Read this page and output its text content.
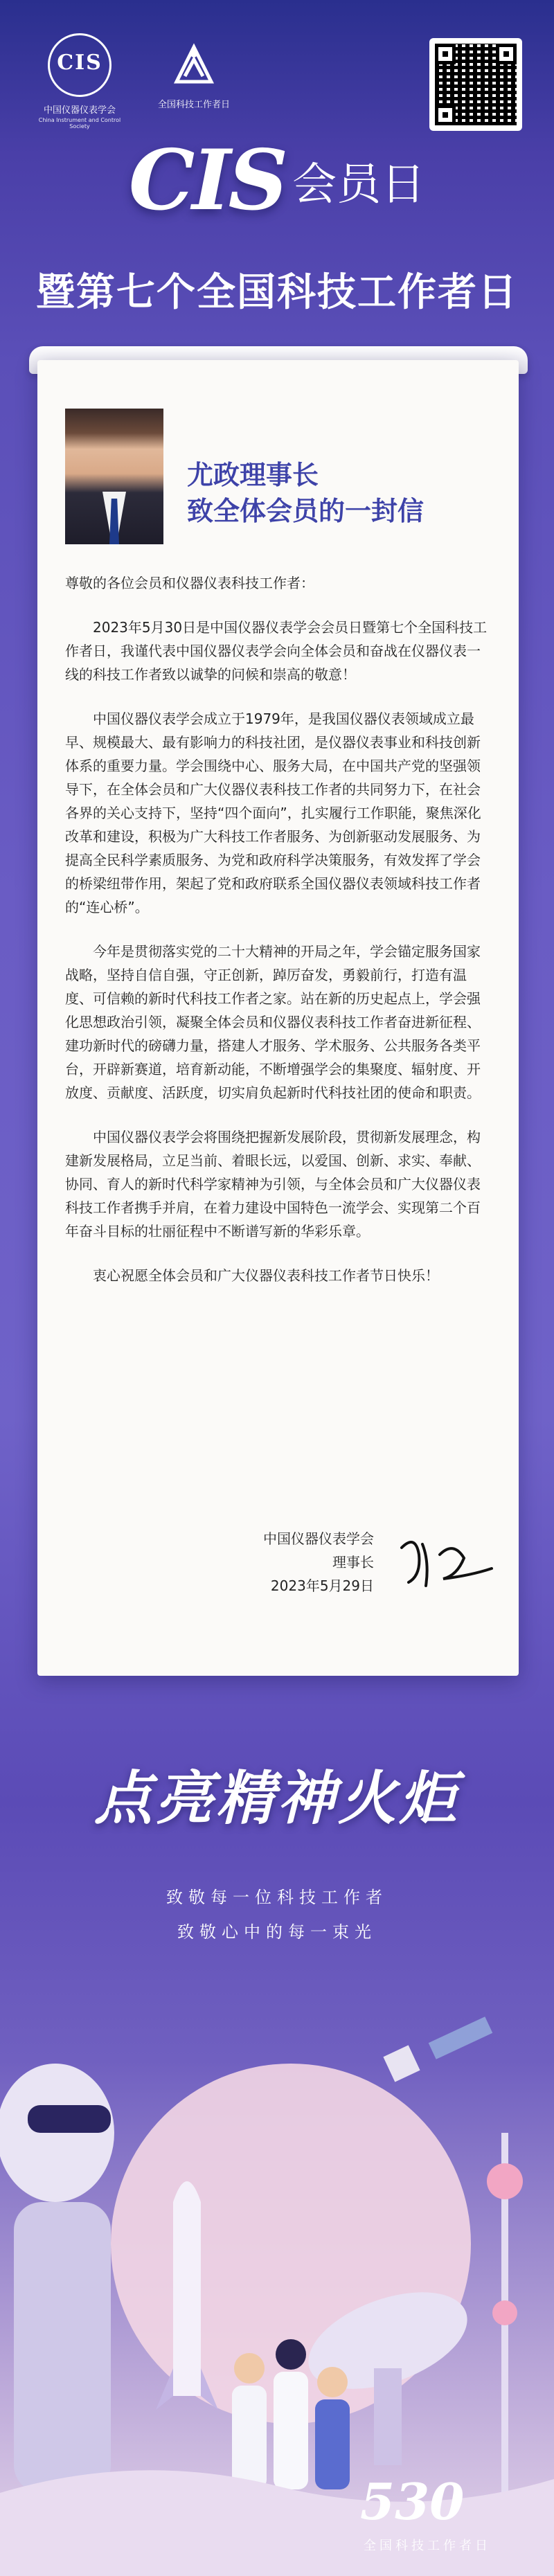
CIS
中国仪器仪表学会
China Instrument and Control Society
全国科技工作者日
CIS 会员日
暨第七个全国科技工作者日
尤政理事长
致全体会员的一封信

尊敬的各位会员和仪器仪表科技工作者：

2023年5月30日是中国仪器仪表学会会员日暨第七个全国科技工作者日，我谨代表中国仪器仪表学会向全体会员和奋战在仪器仪表一线的科技工作者致以诚挚的问候和崇高的敬意！

中国仪器仪表学会成立于1979年，是我国仪器仪表领域成立最早、规模最大、最有影响力的科技社团，是仪器仪表事业和科技创新体系的重要力量。学会围绕中心、服务大局，在中国共产党的坚强领导下，在全体会员和广大仪器仪表科技工作者的共同努力下，在社会各界的关心支持下，坚持“四个面向”，扎实履行工作职能，聚焦深化改革和建设，积极为广大科技工作者服务、为创新驱动发展服务、为提高全民科学素质服务、为党和政府科学决策服务，有效发挥了学会的桥梁纽带作用，架起了党和政府联系全国仪器仪表领域科技工作者的“连心桥”。

今年是贯彻落实党的二十大精神的开局之年，学会锚定服务国家战略，坚持自信自强，守正创新，踔厉奋发，勇毅前行，打造有温度、可信赖的新时代科技工作者之家。站在新的历史起点上，学会强化思想政治引领，凝聚全体会员和仪器仪表科技工作者奋进新征程、建功新时代的磅礴力量，搭建人才服务、学术服务、公共服务各类平台，开辟新赛道，培育新动能，不断增强学会的集聚度、辐射度、开放度、贡献度、活跃度，切实肩负起新时代科技社团的使命和职责。

中国仪器仪表学会将围绕把握新发展阶段，贯彻新发展理念，构建新发展格局，立足当前、着眼长远，以爱国、创新、求实、奉献、协同、育人的新时代科学家精神为引领，与全体会员和广大仪器仪表科技工作者携手并肩，在着力建设中国特色一流学会、实现第二个百年奋斗目标的壮丽征程中不断谱写新的华彩乐章。

衷心祝愿全体会员和广大仪器仪表科技工作者节日快乐！

中国仪器仪表学会
理事长
2023年5月29日
点亮精神火炬
致敬每一位科技工作者
致敬心中的每一束光
530
全国科技工作者日
